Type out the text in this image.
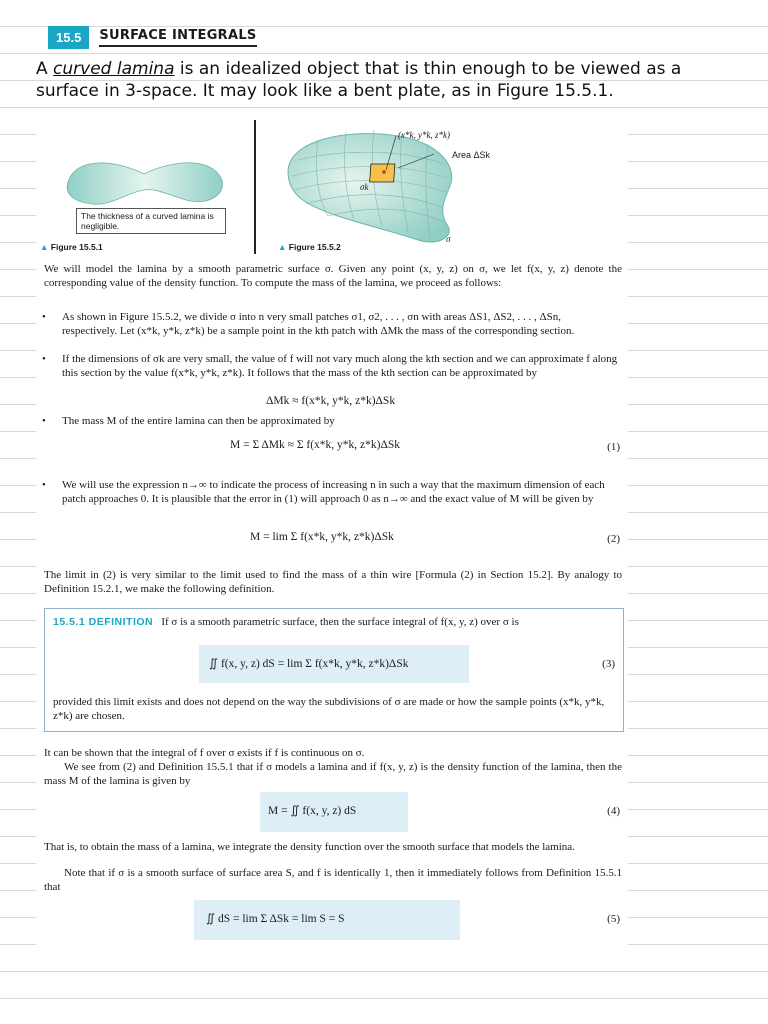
15.5	SURFACE INTEGRALS
A curved lamina is an idealized object that is thin enough to be viewed as a surface in 3-space. It may look like a bent plate, as in Figure 15.5.1.
The thickness of a curved lamina is negligible.
▲ Figure 15.5.1
(x*k, y*k, z*k)
Area ΔSk
σk
σ
▲ Figure 15.5.2

We will model the lamina by a smooth parametric surface σ. Given any point (x, y, z) on σ, we let f(x, y, z) denote the corresponding value of the density function. To compute the mass of the lamina, we proceed as follows:

• As shown in Figure 15.5.2, we divide σ into n very small patches σ1, σ2, . . . , σn with areas ΔS1, ΔS2, . . . , ΔSn, respectively. Let (x*k, y*k, z*k) be a sample point in the kth patch with ΔMk the mass of the corresponding section.

• If the dimensions of σk are very small, the value of f will not vary much along the kth section and we can approximate f along this section by the value f(x*k, y*k, z*k). It follows that the mass of the kth section can be approximated by

ΔMk ≈ f(x*k, y*k, z*k)ΔSk

• The mass M of the entire lamina can then be approximated by

M = Σ ΔMk ≈ Σ f(x*k, y*k, z*k)ΔSk	(1)

• We will use the expression n→∞ to indicate the process of increasing n in such a way that the maximum dimension of each patch approaches 0. It is plausible that the error in (1) will approach 0 as n→∞ and the exact value of M will be given by

M = lim Σ f(x*k, y*k, z*k)ΔSk	(2)

The limit in (2) is very similar to the limit used to find the mass of a thin wire [Formula (2) in Section 15.2]. By analogy to Definition 15.2.1, we make the following definition.

15.5.1 DEFINITION If σ is a smooth parametric surface, then the surface integral of f(x, y, z) over σ is

∬ f(x, y, z) dS = lim Σ f(x*k, y*k, z*k)ΔSk	(3)

provided this limit exists and does not depend on the way the subdivisions of σ are made or how the sample points (x*k, y*k, z*k) are chosen.

It can be shown that the integral of f over σ exists if f is continuous on σ.

We see from (2) and Definition 15.5.1 that if σ models a lamina and if f(x, y, z) is the density function of the lamina, then the mass M of the lamina is given by

M = ∬ f(x, y, z) dS	(4)

That is, to obtain the mass of a lamina, we integrate the density function over the smooth surface that models the lamina.

Note that if σ is a smooth surface of surface area S, and f is identically 1, then it immediately follows from Definition 15.5.1 that

∬ dS = lim Σ ΔSk = lim S = S	(5)
